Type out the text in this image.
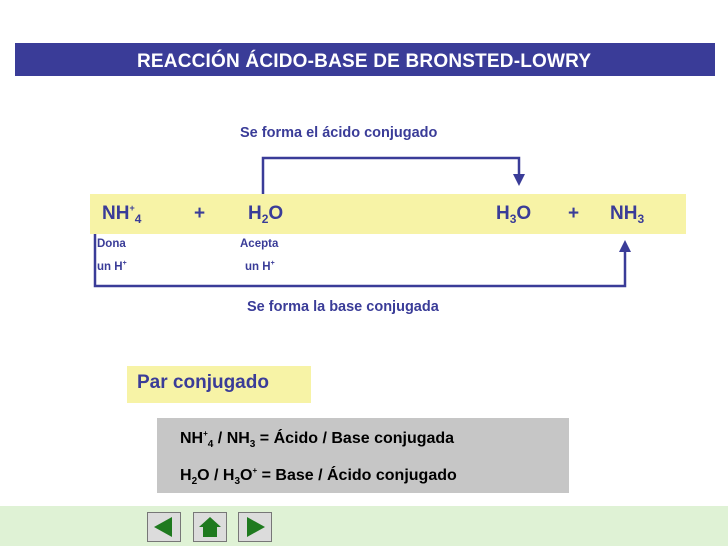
REACCIÓN ÁCIDO-BASE DE BRONSTED-LOWRY
Se forma el ácido conjugado
$NH^+_4$	+ $H_2O$	$H_3O + NH_3$
Dona
un H+
Acepta
un H+
Se forma la base conjugada
Par conjugado
$NH^+_4 / NH_3$ = Ácido / Base conjugada
$H_2O / H_3O^+$ = Base / Ácido conjugado
